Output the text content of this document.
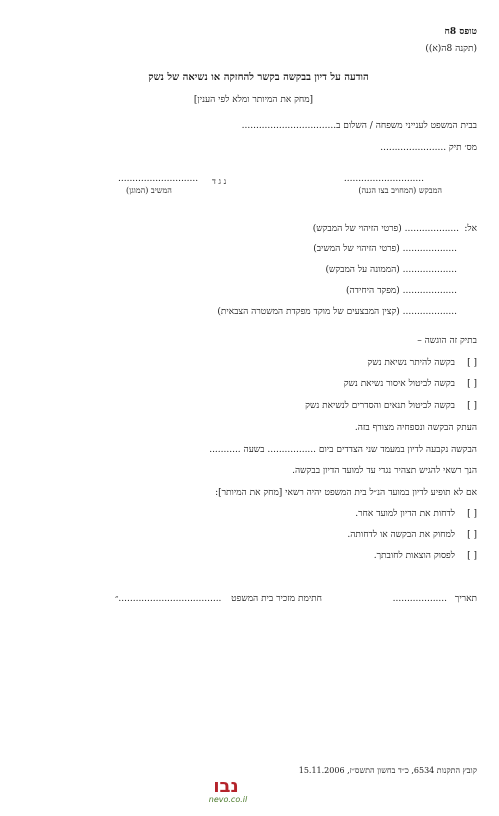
טופס 8ח
(תקנה 8ה(א))
הודעה על דיון בבקשה בקשר להחזקה או נשיאה של נשק
[מחק את המיותר ומלא לפי הענין]
בבית המשפט לענייני משפחה / השלום ב.................................
מס׳ תיק .......................
............................
נ ג ד
............................
המבקש (המחויב בצו הגנה)
המשיב (המוגן)
אל:
................... (פרטי הזיהוי של המבקש)
................... (פרטי הזיהוי של המשיב)
................... (הממונה על המבקש)
................... (מפקד היחידה)
................... (קצין המבצעים של מוקד מפקדת המשטרה הצבאית)
בתיק זה הוגשה –
[ ]
בקשה להיתר נשיאת נשק
[ ]
בקשה לביטול איסור נשיאת נשק
[ ]
בקשה לביטול תנאים והסדרים לנשיאת נשק
העתק הבקשה ונספחיה מצורף בזה.
הבקשה נקבעה לדיון במעמד שני הצדדים ביום ................. בשעה ...........
הנך רשאי להגיש תצהיר נגדי עד למועד הדיון בבקשה.
אם לא תופיע לדיון במועד הנ״ל בית המשפט יהיה רשאי [מחק את המיותר]:
[ ]
לדחות את הדיון למועד אחר.
[ ]
למחוק את הבקשה או לדחותה.
[ ]
לפסוק הוצאות לחובתך.
תאריך
...................
חתימת מזכיר בית המשפט
....................................״
קובץ התקנות 6534, כ״ד בחשון התשס״ז, 15.11.2006
נבו
nevo.co.il
